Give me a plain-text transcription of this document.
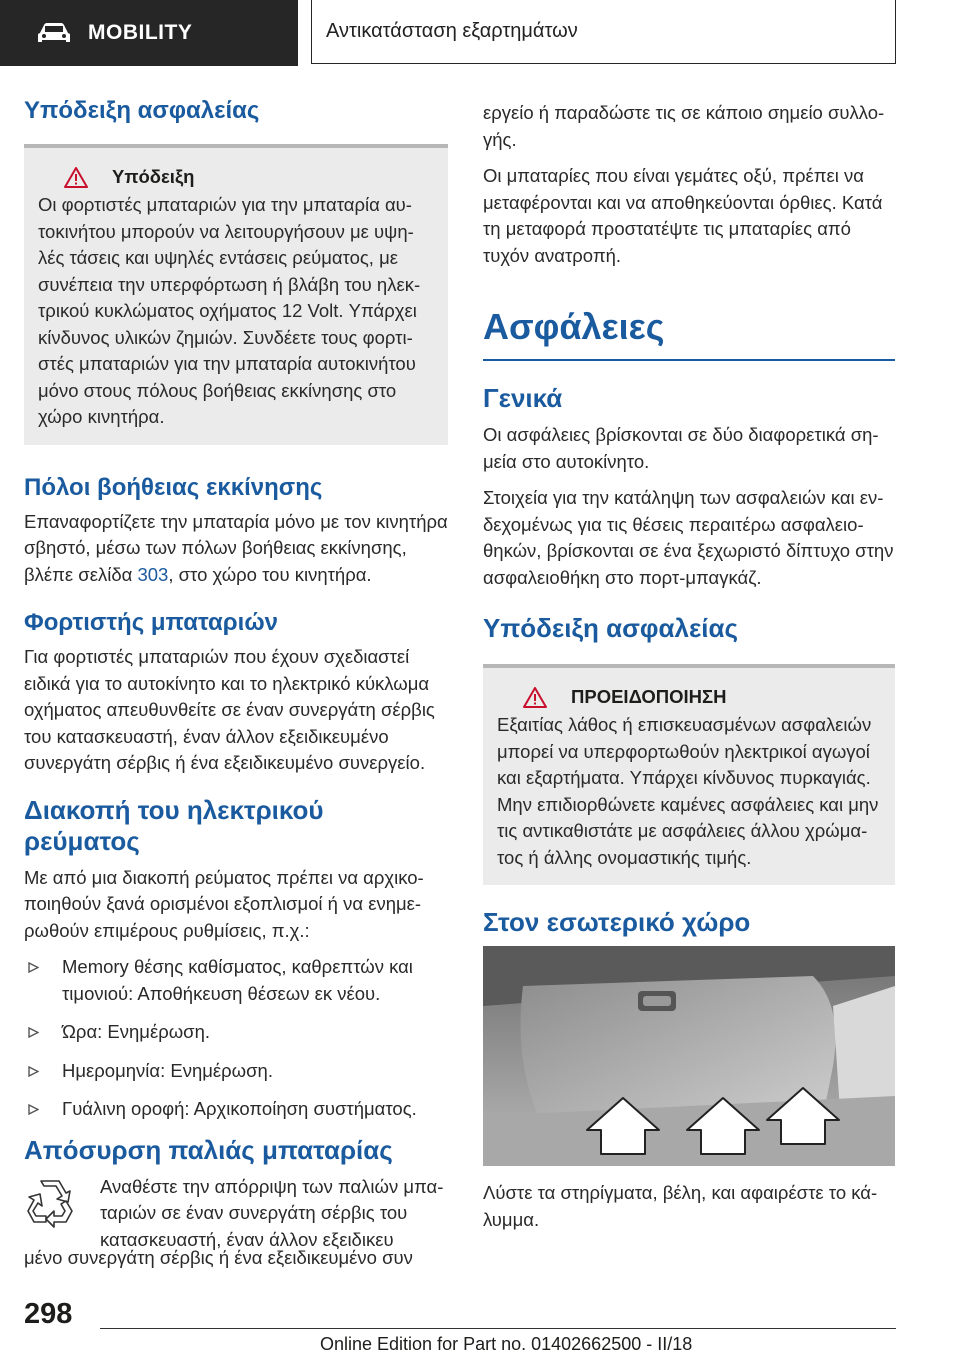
MOBILITY	Αντικατάσταση εξαρτημάτων
Υπόδειξη ασφαλείας
Υπόδειξη

Οι φορτιστές μπαταριών για την μπαταρία αυτοκινήτου μπορούν να λειτουργήσουν με υψηλές τάσεις και υψηλές εντάσεις ρεύματος, με συνέπεια την υπερφόρτωση ή βλάβη του ηλεκτρικού κυκλώματος οχήματος 12 Volt. Υπάρχει κίνδυνος υλικών ζημιών. Συνδέετε τους φορτιστές μπαταριών για την μπαταρία αυτοκινήτου μόνο στους πόλους βοήθειας εκκίνησης στο χώρο κινητήρα.

Πόλοι βοήθειας εκκίνησης

Επαναφορτίζετε την μπαταρία μόνο με τον κινητήρα σβηστό, μέσω των πόλων βοήθειας εκκίνησης, βλέπε σελίδα 303, στο χώρο του κινητήρα.

Φορτιστής μπαταριών

Για φορτιστές μπαταριών που έχουν σχεδιαστεί ειδικά για το αυτοκίνητο και το ηλεκτρικό κύκλωμα οχήματος απευθυνθείτε σε έναν συνεργάτη σέρβις του κατασκευαστή, έναν άλλον εξειδικευμένο συνεργάτη σέρβις ή ένα εξειδικευμένο συνεργείο.

Διακοπή του ηλεκτρικού ρεύματος

Με από μια διακοπή ρεύματος πρέπει να αρχικοποιηθούν ξανά ορισμένοι εξοπλισμοί ή να ενημερωθούν επιμέρους ρυθμίσεις, π.χ.:

Memory θέσης καθίσματος, καθρεπτών και τιμονιού: Αποθήκευση θέσεων εκ νέου.
Ώρα: Ενημέρωση.
Ημερομηνία: Ενημέρωση.
Γυάλινη οροφή: Αρχικοποίηση συστήματος.
Απόσυρση παλιάς μπαταρίας

Αναθέστε την απόρριψη των παλιών μπαταριών σε έναν συνεργάτη σέρβις του κατασκευαστή, έναν άλλον εξειδικευ

μένο συνεργάτη σέρβις ή ένα εξειδικευμένο συν

εργείο ή παραδώστε τις σε κάποιο σημείο συλλογής.

Οι μπαταρίες που είναι γεμάτες οξύ, πρέπει να μεταφέρονται και να αποθηκεύονται όρθιες. Κατά τη μεταφορά προστατέψτε τις μπαταρίες από τυχόν ανατροπή.

Ασφάλειες
Γενικά

Οι ασφάλειες βρίσκονται σε δύο διαφορετικά σημεία στο αυτοκίνητο.

Στοιχεία για την κατάληψη των ασφαλειών και ενδεχομένως για τις θέσεις περαιτέρω ασφαλειοθηκών, βρίσκονται σε ένα ξεχωριστό δίπτυχο στην ασφαλειοθήκη στο πορτ-μπαγκάζ.

Υπόδειξη ασφαλείας
ΠΡΟΕΙΔΟΠΟΙΗΣΗ

Εξαιτίας λάθος ή επισκευασμένων ασφαλειών μπορεί να υπερφορτωθούν ηλεκτρικοί αγωγοί και εξαρτήματα. Υπάρχει κίνδυνος πυρκαγιάς. Μην επιδιορθώνετε καμένες ασφάλειες και μην τις αντικαθιστάτε με ασφάλειες άλλου χρώματος ή άλλης ονομαστικής τιμής.

Στον εσωτερικό χώρο

Λύστε τα στηρίγματα, βέλη, και αφαιρέστε το κάλυμμα.

298
Online Edition for Part no. 01402662500 - II/18
